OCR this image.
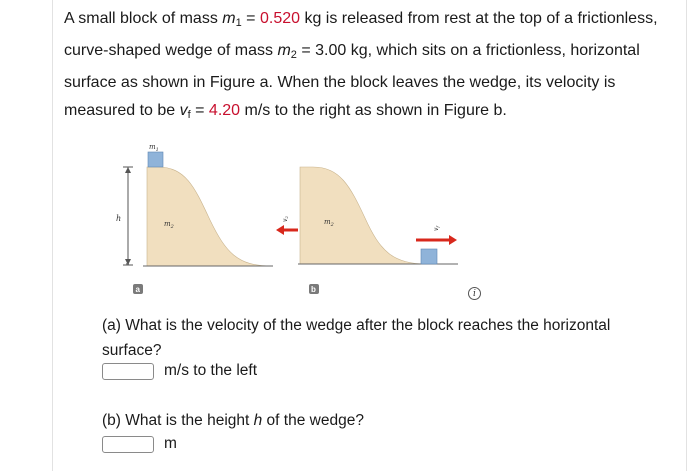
A small block of mass $m_1 = 0.520$ kg is released from rest at the top of a frictionless, curve-shaped wedge of mass $m_2 = 3.00$ kg, which sits on a frictionless, horizontal surface as shown in Figure a. When the block leaves the wedge, its velocity is measured to be $v_f = 4.20$ m/s to the right as shown in Figure b.
h
$m_1$
$m_2$
$m_2$
v2
vf
a	b	i
(a) What is the velocity of the wedge after the block reaches the horizontal surface?
m/s to the left
(b) What is the height h of the wedge?
m
